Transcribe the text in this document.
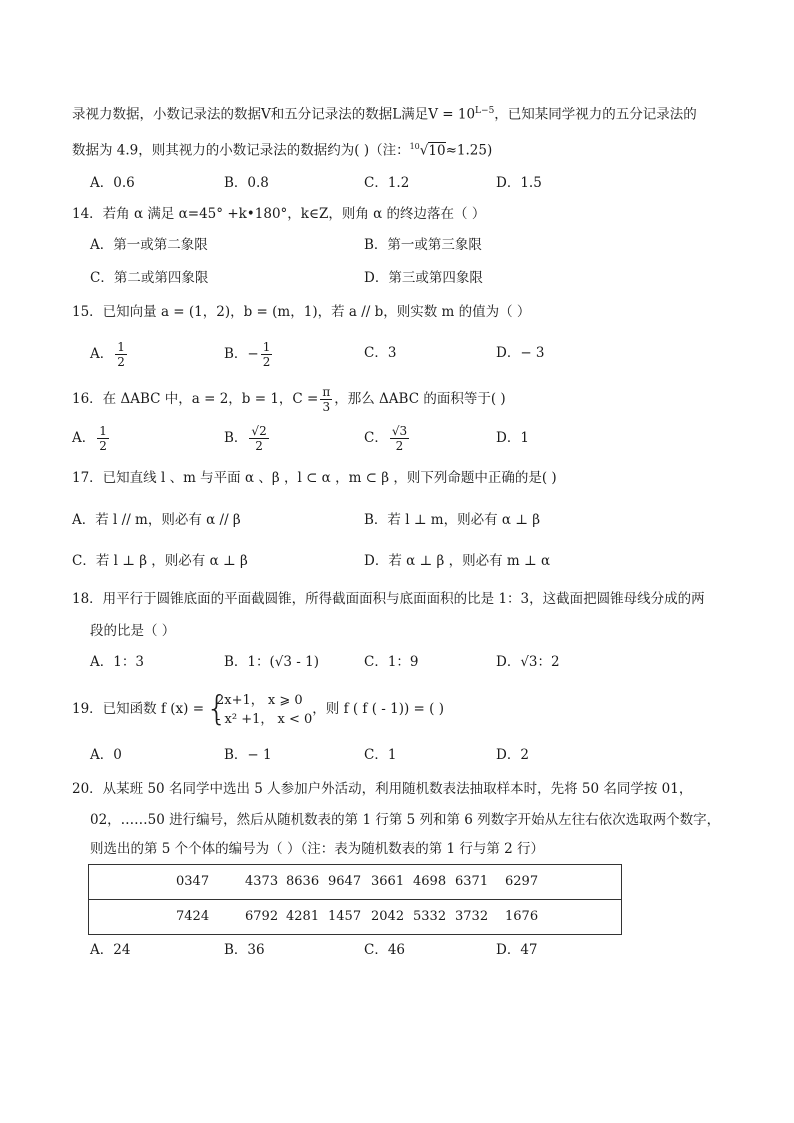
录视力数据，小数记录法的数据V和五分记录法的数据L满足$V = 10^{L-5}$，已知某同学视力的五分记录法的
数据为 4.9，则其视力的小数记录法的数据约为( )（注：$^{10}$√10≈1.25)
A．0.6	B．0.8	C．1.2	D．1.5
14．若角 α 满足 α=45° +k•180°，k∈Z，则角 α 的终边落在（ ）
A．第一或第二象限	B．第一或第三象限
C．第二或第四象限	D．第三或第四象限
15．已知向量 a = (1，2)，b = (m，1)，若 a // b，则实数 m 的值为（ ）
A． $\frac{1}{2}$	B．− $\frac{1}{2}$	C．3	D．− 3
16．在 ΔABC 中，a = 2，b = 1，$C = \frac{\pi}{3}$ ，那么 ΔABC 的面积等于( )
A． $\frac{1}{2}$	B． $\frac{√2}{2}$	C． $\frac{√3}{2}$	D．1
17．已知直线 l 、m 与平面 α 、β ，l ⊂ α ，m ⊂ β ，则下列命题中正确的是( )
A．若 l // m，则必有 α // β	B．若 l ⊥ m，则必有 α ⊥ β
C．若 l ⊥ β ，则必有 α ⊥ β	D．若 α ⊥ β ，则必有 m ⊥ α
18．用平行于圆锥底面的平面截圆锥，所得截面面积与底面面积的比是 1：3，这截面把圆锥母线分成的两
段的比是（ ）
A．1：3	B．1：(√3 - 1)	C．1：9	D．√3：2
19．已知函数 f (x) = {
2x+1， x ⩾ 0
- x² +1， x < 0
，则 f ( f ( - 1)) = ( )
A．0	B．− 1	C．1	D．2
20．从某班 50 名同学中选出 5 人参加户外活动，利用随机数表法抽取样本时，先将 50 名同学按 01，
02，……50 进行编号，然后从随机数表的第 1 行第 5 列和第 6 列数字开始从左往右依次选取两个数字，
则选出的第 5 个个体的编号为（ ）（注：表为随机数表的第 1 行与第 2 行）

0347	4373 8636 9647 3661 4698 6371 6297
7424	6792 4281 1457 2042 5332 3732 1676
A．24	B．36	C．46	D．47
